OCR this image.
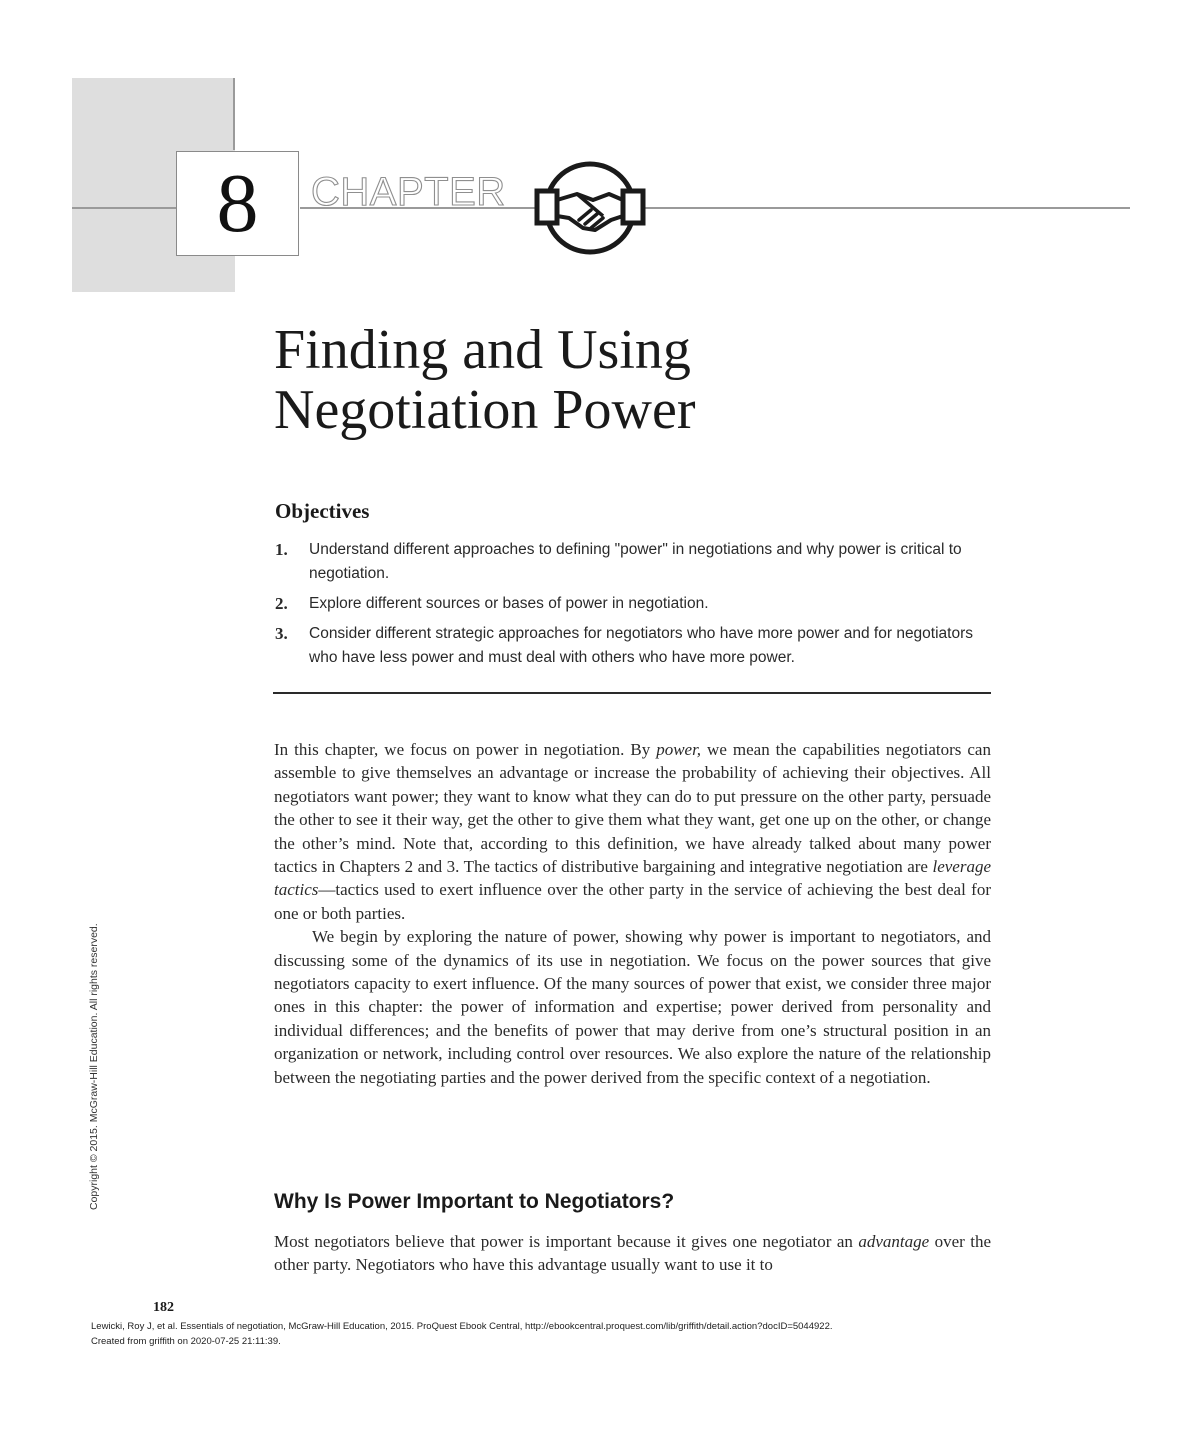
8	CHAPTER
Finding and Using
Negotiation Power
Objectives
1.	Understand different approaches to defining "power" in negotiations and why power is critical to negotiation.
2.	Explore different sources or bases of power in negotiation.
3.	Consider different strategic approaches for negotiators who have more power and for negotiators who have less power and must deal with others who have more power.

In this chapter, we focus on power in negotiation. By power, we mean the capabilities negotiators can assemble to give themselves an advantage or increase the probability of achieving their objectives. All negotiators want power; they want to know what they can do to put pressure on the other party, persuade the other to see it their way, get the other to give them what they want, get one up on the other, or change the other’s mind. Note that, according to this definition, we have already talked about many power tactics in Chapters 2 and 3. The tactics of distributive bargaining and integrative negotiation are leverage tactics—tactics used to exert influence over the other party in the service of achieving the best deal for one or both parties.

We begin by exploring the nature of power, showing why power is important to negotiators, and discussing some of the dynamics of its use in negotiation. We focus on the power sources that give negotiators capacity to exert influence. Of the many sources of power that exist, we consider three major ones in this chapter: the power of information and expertise; power derived from personality and individual differences; and the benefits of power that may derive from one’s structural position in an organization or network, including control over resources. We also explore the nature of the relationship between the negotiating parties and the power derived from the specific context of a negotiation.

Why Is Power Important to Negotiators?

Most negotiators believe that power is important because it gives one negotiator an advantage over the other party. Negotiators who have this advantage usually want to use it to

Copyright © 2015. McGraw-Hill Education. All rights reserved.
182
Lewicki, Roy J, et al. Essentials of negotiation, McGraw-Hill Education, 2015. ProQuest Ebook Central, http://ebookcentral.proquest.com/lib/griffith/detail.action?docID=5044922.
Created from griffith on 2020-07-25 21:11:39.
